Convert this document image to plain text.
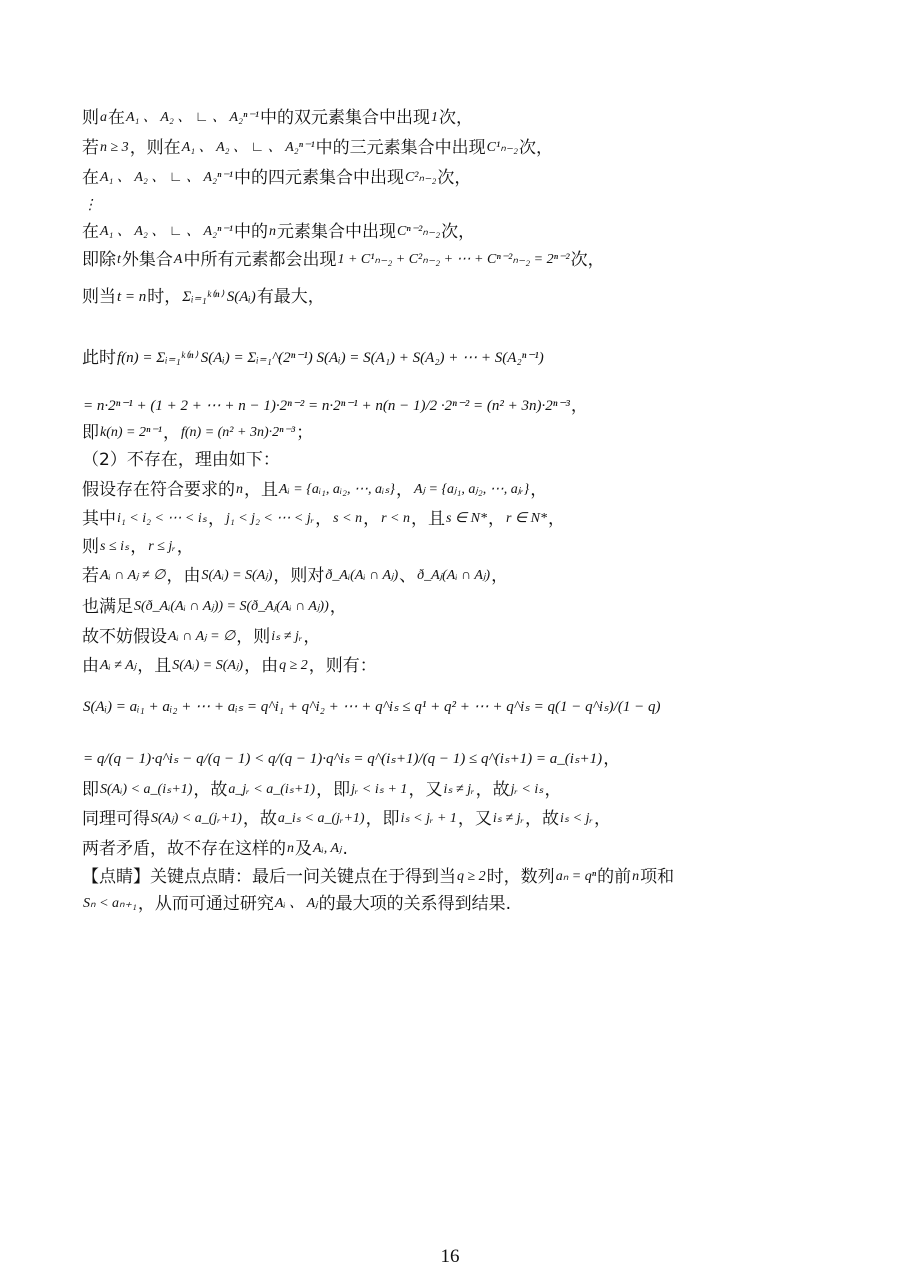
则 a 在 A₁ 、 A₂ 、 ∟ 、 A₂ⁿ⁻¹ 中的双元素集合中出现 1 次，
若 n ≥ 3 ，则在 A₁ 、 A₂ 、 ∟ 、 A₂ⁿ⁻¹ 中的三元素集合中出现 C¹ₙ₋₂ 次，
在 A₁ 、 A₂ 、 ∟ 、 A₂ⁿ⁻¹ 中的四元素集合中出现 C²ₙ₋₂ 次，
⋮
在 A₁ 、 A₂ 、 ∟ 、 A₂ⁿ⁻¹ 中的 n 元素集合中出现 Cⁿ⁻²ₙ₋₂ 次，
即除 t 外集合 A 中所有元素都会出现 1 + C¹ₙ₋₂ + C²ₙ₋₂ + ⋯ + Cⁿ⁻²ₙ₋₂ = 2ⁿ⁻² 次，
则当 t = n 时， Σᵢ₌₁ᵏ⁽ⁿ⁾ S(Aᵢ) 有最大，
此时 f(n) = Σᵢ₌₁ᵏ⁽ⁿ⁾ S(Aᵢ) = Σᵢ₌₁^(2ⁿ⁻¹) S(Aᵢ) = S(A₁) + S(A₂) + ⋯ + S(A₂ⁿ⁻¹)
= n·2ⁿ⁻¹ + (1 + 2 + ⋯ + n − 1)·2ⁿ⁻² = n·2ⁿ⁻¹ + n(n − 1)/2 ·2ⁿ⁻² = (n² + 3n)·2ⁿ⁻³ ，
即 k(n) = 2ⁿ⁻¹ ， f(n) = (n² + 3n)·2ⁿ⁻³ ；
（2）不存在，理由如下：
假设存在符合要求的 n ，且 Aᵢ = {aᵢ₁, aᵢ₂, ⋯, aᵢₛ} ， Aⱼ = {aⱼ₁, aⱼ₂, ⋯, aⱼᵣ} ，
其中 i₁ < i₂ < ⋯ < iₛ ， j₁ < j₂ < ⋯ < jᵣ ， s < n ， r < n ，且 s ∈ N* ， r ∈ N* ，
则 s ≤ iₛ ， r ≤ jᵣ ，
若 Aᵢ ∩ Aⱼ ≠ ∅ ，由 S(Aᵢ) = S(Aⱼ) ，则对 ð_Aᵢ(Aᵢ ∩ Aⱼ) 、 ð_Aⱼ(Aᵢ ∩ Aⱼ) ，
也满足 S(ð_Aᵢ(Aᵢ ∩ Aⱼ)) = S(ð_Aⱼ(Aᵢ ∩ Aⱼ)) ，
故不妨假设 Aᵢ ∩ Aⱼ = ∅ ，则 iₛ ≠ jᵣ ，
由 Aᵢ ≠ Aⱼ ，且 S(Aᵢ) = S(Aⱼ) ，由 q ≥ 2 ，则有：
S(Aᵢ) = aᵢ₁ + aᵢ₂ + ⋯ + aᵢₛ = q^i₁ + q^i₂ + ⋯ + q^iₛ ≤ q¹ + q² + ⋯ + q^iₛ = q(1 − q^iₛ)/(1 − q)
= q/(q − 1)·q^iₛ − q/(q − 1) < q/(q − 1)·q^iₛ = q^(iₛ+1)/(q − 1) ≤ q^(iₛ+1) = a_(iₛ+1) ，
即 S(Aᵢ) < a_(iₛ+1) ，故 a_jᵣ < a_(iₛ+1) ，即 jᵣ < iₛ + 1 ，又 iₛ ≠ jᵣ ，故 jᵣ < iₛ ，
同理可得 S(Aⱼ) < a_(jᵣ+1) ，故 a_iₛ < a_(jᵣ+1) ，即 iₛ < jᵣ + 1 ，又 iₛ ≠ jᵣ ，故 iₛ < jᵣ ，
两者矛盾，故不存在这样的 n 及 Aᵢ, Aⱼ .
【点睛】关键点点睛：最后一问关键点在于得到当 q ≥ 2 时，数列 aₙ = qⁿ 的前 n 项和
Sₙ < aₙ₊₁ ，从而可通过研究 Aᵢ 、 Aⱼ 的最大项的关系得到结果.
16
